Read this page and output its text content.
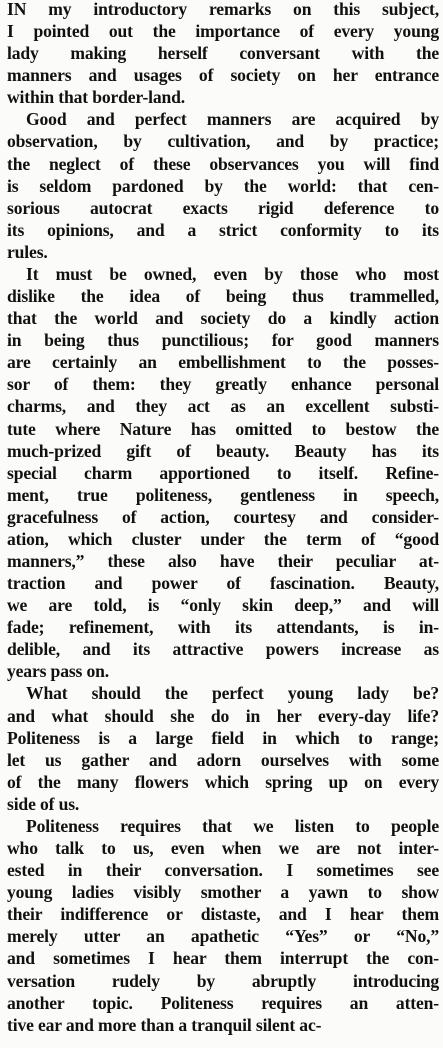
IN my introductory remarks on this subject,
I pointed out the importance of every young
lady making herself conversant with the
manners and usages of society on her entrance
within that border-land.
Good and perfect manners are acquired by
observation, by cultivation, and by practice;
the neglect of these observances you will find
is seldom pardoned by the world: that cen-
sorious autocrat exacts rigid deference to
its opinions, and a strict conformity to its
rules.
It must be owned, even by those who most
dislike the idea of being thus trammelled,
that the world and society do a kindly action
in being thus punctilious; for good manners
are certainly an embellishment to the posses-
sor of them: they greatly enhance personal
charms, and they act as an excellent substi-
tute where Nature has omitted to bestow the
much-prized gift of beauty. Beauty has its
special charm apportioned to itself. Refine-
ment, true politeness, gentleness in speech,
gracefulness of action, courtesy and consider-
ation, which cluster under the term of “good
manners,” these also have their peculiar at-
traction and power of fascination. Beauty,
we are told, is “only skin deep,” and will
fade; refinement, with its attendants, is in-
delible, and its attractive powers increase as
years pass on.
What should the perfect young lady be?
and what should she do in her every-day life?
Politeness is a large field in which to range;
let us gather and adorn ourselves with some
of the many flowers which spring up on every
side of us.
Politeness requires that we listen to people
who talk to us, even when we are not inter-
ested in their conversation. I sometimes see
young ladies visibly smother a yawn to show
their indifference or distaste, and I hear them
merely utter an apathetic “Yes” or “No,”
and sometimes I hear them interrupt the con-
versation rudely by abruptly introducing
another topic. Politeness requires an atten-
tive ear and more than a tranquil silent ac-
